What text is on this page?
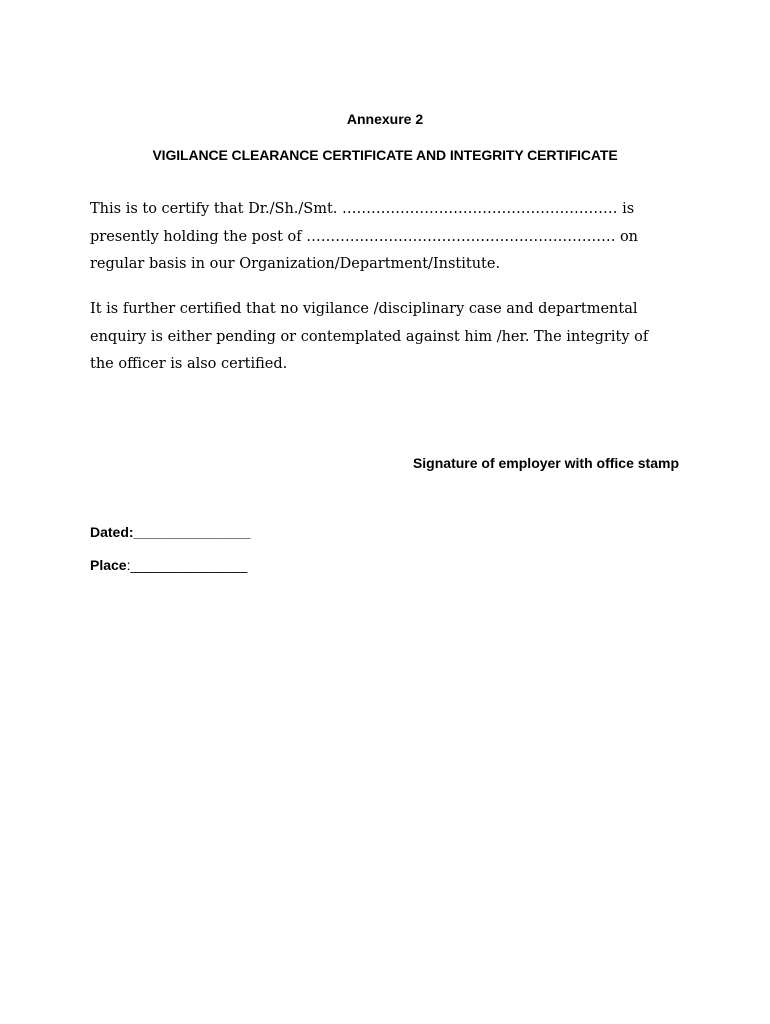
Annexure 2
VIGILANCE CLEARANCE CERTIFICATE AND INTEGRITY CERTIFICATE

This is to certify that Dr./Sh./Smt. ………………………………………………… is
presently holding the post of ………………………………………………………. on
regular basis in our Organization/Department/Institute.

It is further certified that no vigilance /disciplinary case and departmental
enquiry is either pending or contemplated against him /her. The integrity of
the officer is also certified.

Signature of employer with office stamp
Dated:_______________
Place:_______________
